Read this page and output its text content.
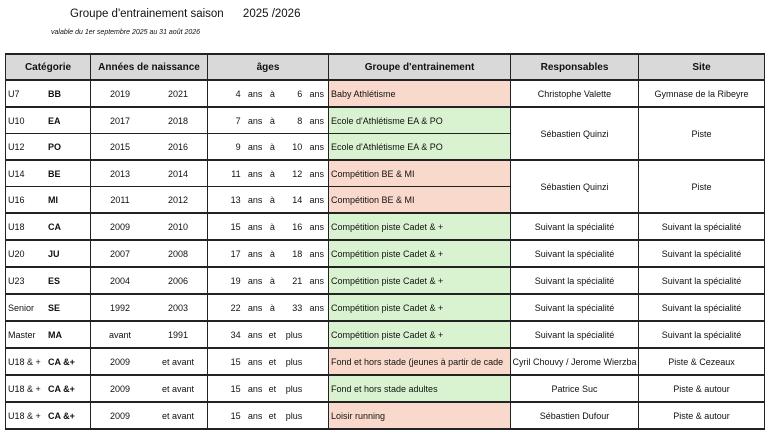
Groupe d'entrainement saison 2025 /2026
valable du 1er septembre 2025 au 31 août 2026
Catégorie	Années de naissance	âges	Groupe d'entrainement	Responsables	Site

U7 BB	2019 2021	4 ans à 6 ans	Baby Athlétisme	Christophe Valette	Gymnase de la Ribeyre

U10 EA	2017 2018	7 ans à 8 ans	Ecole d'Athlétisme EA & PO	Sébastien Quinzi	Piste

U12 PO	2015 2016	9 ans à 10 ans	Ecole d'Athlétisme EA & PO		

U14 BE	2013 2014	11 ans à 12 ans	Compétition BE & MI	Sébastien Quinzi	Piste

U16 MI	2011 2012	13 ans à 14 ans	Compétition BE & MI		

U18 CA	2009 2010	15 ans à 16 ans	Compétition piste Cadet & +	Suivant la spécialité	Suivant la spécialité

U20 JU	2007 2008	17 ans à 18 ans	Compétition piste Cadet & +	Suivant la spécialité	Suivant la spécialité

U23 ES	2004 2006	19 ans à 21 ans	Compétition piste Cadet & +	Suivant la spécialité	Suivant la spécialité

Senior SE	1992 2003	22 ans à 33 ans	Compétition piste Cadet & +	Suivant la spécialité	Suivant la spécialité

Master MA	avant 1991	34 ans et plus	Compétition piste Cadet & +	Suivant la spécialité	Suivant la spécialité

U18 & + CA &+	2009 et avant	15 ans et plus	Fond et hors stade (jeunes à partir de cade	Cyril Chouvy / Jerome Wierzba	Piste & Cezeaux

U18 & + CA &+	2009 et avant	15 ans et plus	Fond et hors stade adultes	Patrice Suc	Piste & autour

U18 & + CA &+	2009 et avant	15 ans et plus	Loisir running	Sébastien Dufour	Piste & autour
